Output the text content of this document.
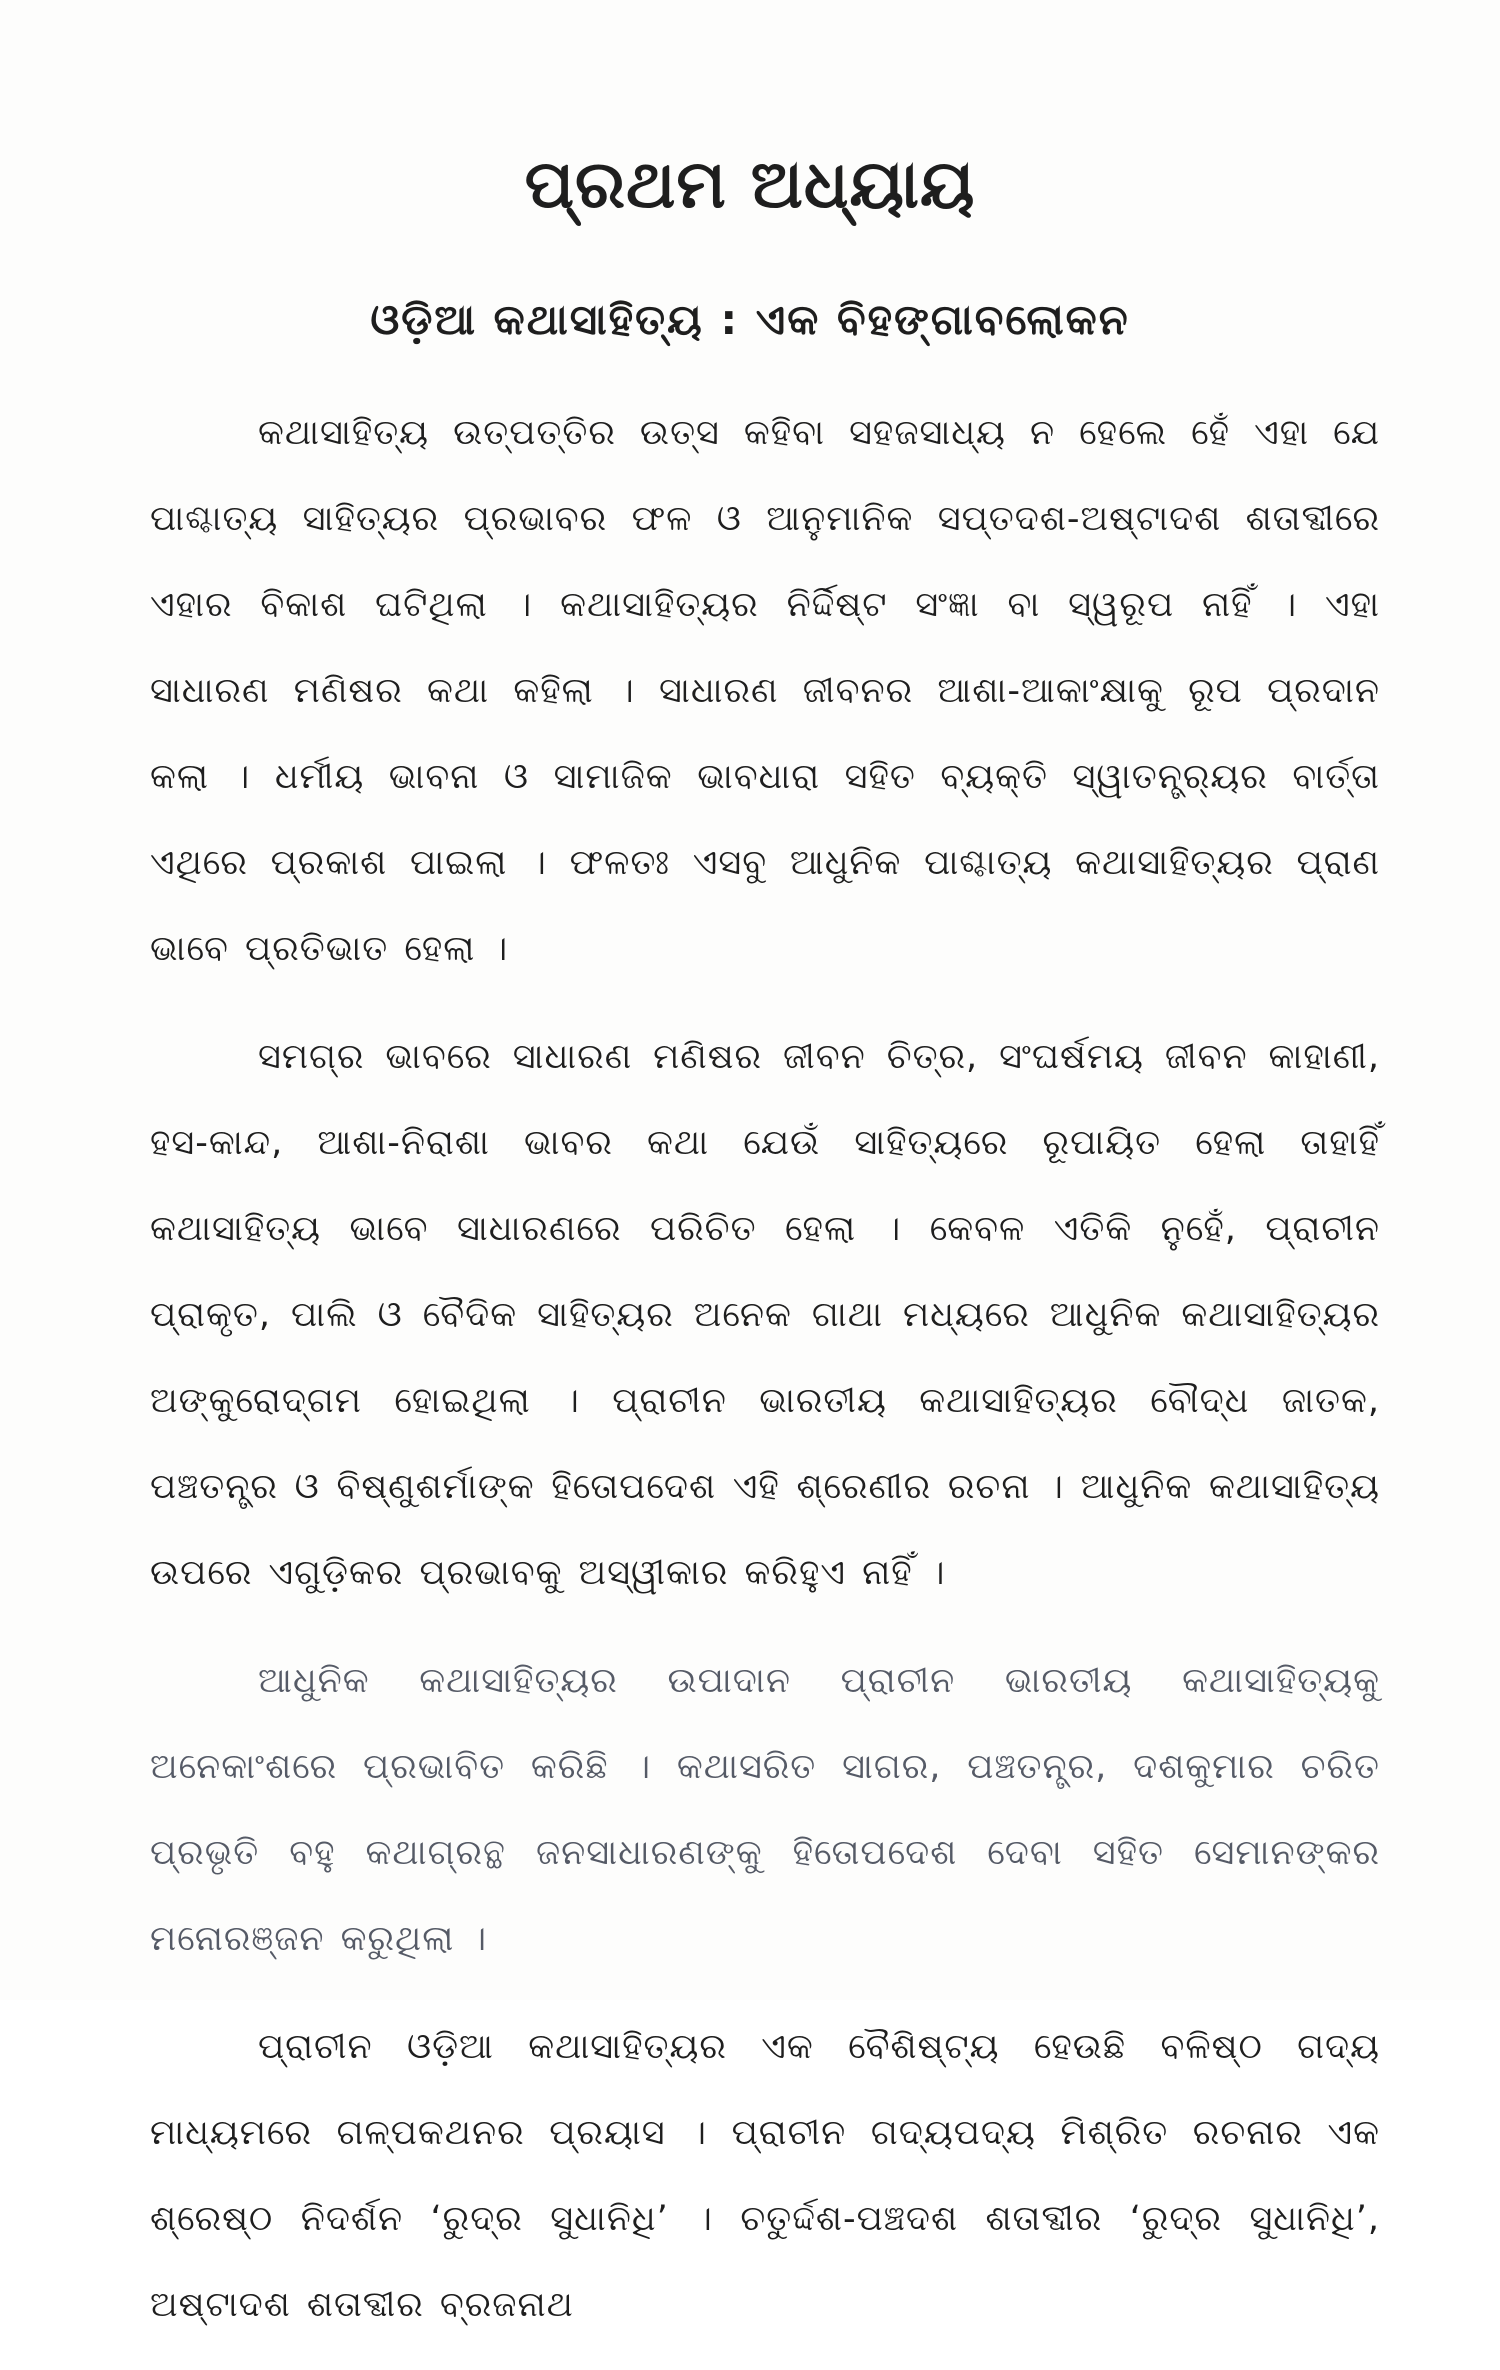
ପ୍ରଥମ ଅଧ୍ୟାୟ
ଓଡ଼ିଆ କଥାସାହିତ୍ୟ : ଏକ ବିହଙ୍ଗାବଲୋକନ

କଥାସାହିତ୍ୟ ଉତ୍ପତ୍ତିର ଉତ୍ସ କହିବା ସହଜସାଧ୍ୟ ନ ହେଲେ ହେଁ ଏହା ଯେ ପାଶ୍ଚାତ୍ୟ ସାହିତ୍ୟର ପ୍ରଭାବର ଫଳ ଓ ଆନୁମାନିକ ସପ୍ତଦଶ-ଅଷ୍ଟାଦଶ ଶତାବ୍ଦୀରେ ଏହାର ବିକାଶ ଘଟିଥିଲା । କଥାସାହିତ୍ୟର ନିର୍ଦ୍ଦିଷ୍ଟ ସଂଜ୍ଞା ବା ସ୍ୱରୂପ ନାହିଁ । ଏହା ସାଧାରଣ ମଣିଷର କଥା କହିଲା । ସାଧାରଣ ଜୀବନର ଆଶା-ଆକାଂକ୍ଷାକୁ ରୂପ ପ୍ରଦାନ କଲା । ଧର୍ମୀୟ ଭାବନା ଓ ସାମାଜିକ ଭାବଧାରା ସହିତ ବ୍ୟକ୍ତି ସ୍ୱାତନ୍ତ୍ର୍ୟର ବାର୍ତ୍ତା ଏଥିରେ ପ୍ରକାଶ ପାଇଲା । ଫଳତଃ ଏସବୁ ଆଧୁନିକ ପାଶ୍ଚାତ୍ୟ କଥାସାହିତ୍ୟର ପ୍ରାଣ ଭାବେ ପ୍ରତିଭାତ ହେଲା ।

ସମଗ୍ର ଭାବରେ ସାଧାରଣ ମଣିଷର ଜୀବନ ଚିତ୍ର, ସଂଘର୍ଷମୟ ଜୀବନ କାହାଣୀ, ହସ-କାନ୍ଦ, ଆଶା-ନିରାଶା ଭାବର କଥା ଯେଉଁ ସାହିତ୍ୟରେ ରୂପାୟିତ ହେଲା ତାହାହିଁ କଥାସାହିତ୍ୟ ଭାବେ ସାଧାରଣରେ ପରିଚିତ ହେଲା । କେବଳ ଏତିକି ନୁହେଁ, ପ୍ରାଚୀନ ପ୍ରାକୃତ, ପାଲି ଓ ବୈଦିକ ସାହିତ୍ୟର ଅନେକ ଗାଥା ମଧ୍ୟରେ ଆଧୁନିକ କଥାସାହିତ୍ୟର ଅଙ୍କୁରୋଦ୍‌ଗମ ହୋଇଥିଲା । ପ୍ରାଚୀନ ଭାରତୀୟ କଥାସାହିତ୍ୟର ବୌଦ୍ଧ ଜାତକ, ପଞ୍ଚତନ୍ତ୍ର ଓ ବିଷ୍ଣୁଶର୍ମାଙ୍କ ହିତୋପଦେଶ ଏହି ଶ୍ରେଣୀର ରଚନା । ଆଧୁନିକ କଥାସାହିତ୍ୟ ଉପରେ ଏଗୁଡ଼ିକର ପ୍ରଭାବକୁ ଅସ୍ୱୀକାର କରିହୁଏ ନାହିଁ ।

ଆଧୁନିକ କଥାସାହିତ୍ୟର ଉପାଦାନ ପ୍ରାଚୀନ ଭାରତୀୟ କଥାସାହିତ୍ୟକୁ ଅନେକାଂଶରେ ପ୍ରଭାବିତ କରିଛି । କଥାସରିତ ସାଗର, ପଞ୍ଚତନ୍ତ୍ର, ଦଶକୁମାର ଚରିତ ପ୍ରଭୃତି ବହୁ କଥାଗ୍ରନ୍ଥ ଜନସାଧାରଣଙ୍କୁ ହିତୋପଦେଶ ଦେବା ସହିତ ସେମାନଙ୍କର ମନୋରଞ୍ଜନ କରୁଥିଲା ।

ପ୍ରାଚୀନ ଓଡ଼ିଆ କଥାସାହିତ୍ୟର ଏକ ବୈଶିଷ୍ଟ୍ୟ ହେଉଛି ବଳିଷ୍ଠ ଗଦ୍ୟ ମାଧ୍ୟମରେ ଗଳ୍ପକଥନର ପ୍ରୟାସ । ପ୍ରାଚୀନ ଗଦ୍ୟପଦ୍ୟ ମିଶ୍ରିତ ରଚନାର ଏକ ଶ୍ରେଷ୍ଠ ନିଦର୍ଶନ ‘ରୁଦ୍ର ସୁଧାନିଧି’ । ଚତୁର୍ଦ୍ଦଶ-ପଞ୍ଚଦଶ ଶତାବ୍ଦୀର ‘ରୁଦ୍ର ସୁଧାନିଧି’, ଅଷ୍ଟାଦଶ ଶତାବ୍ଦୀର ବ୍ରଜନାଥ
